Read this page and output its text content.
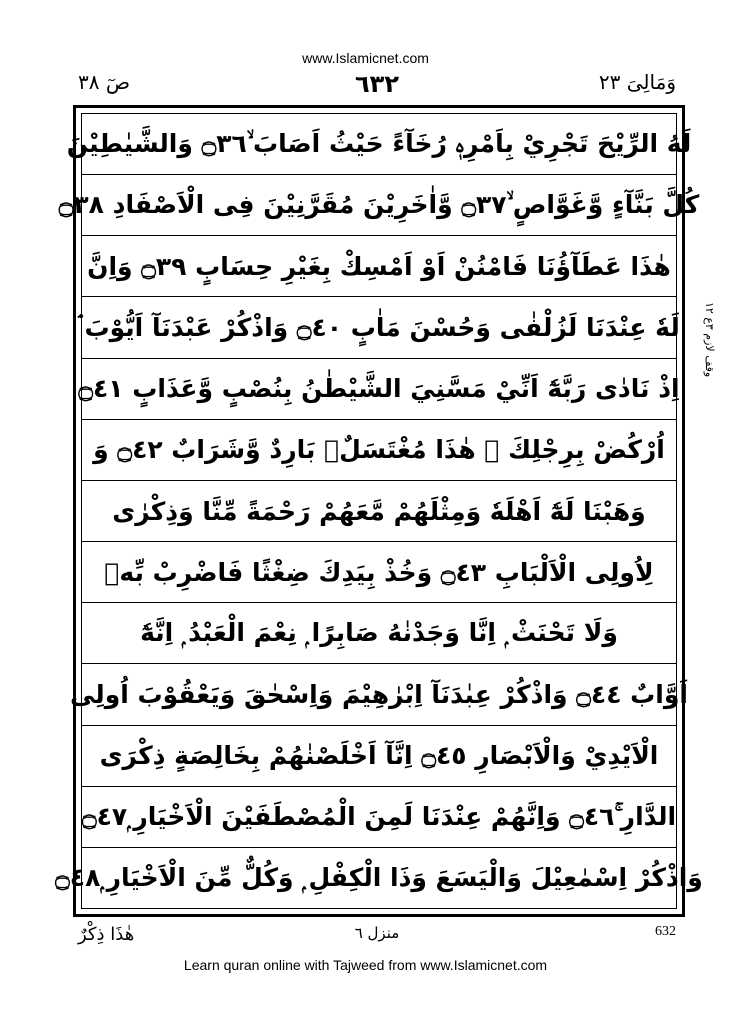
www.Islamicnet.com
صٓ ٣٨	٦٣٢	وَمَالِیَ ٢٣
لَهُ الرِّيْحَ تَجْرِيْ بِاَمْرِهٖ رُخَآءً حَيْثُ اَصَابَ ۙ۝٣٦ وَالشَّيٰطِيْنَ
كُلَّ بَنَّآءٍ وَّغَوَّاصٍ ۙ۝٣٧ وَّاٰخَرِيْنَ مُقَرَّنِيْنَ فِى الْاَصْفَادِ ۝٣٨
هٰذَا عَطَآؤُنَا فَامْنُنْ اَوْ اَمْسِكْ بِغَيْرِ حِسَابٍ ۝٣٩ وَاِنَّ
لَهٗ عِنْدَنَا لَزُلْفٰى وَحُسْنَ مَاٰبٍ ۝٤٠ وَاذْكُرْ عَبْدَنَآ اَيُّوْبَ ۘ
اِذْ نَادٰى رَبَّهٗٓ اَنِّيْ مَسَّنِيَ الشَّيْطٰنُ بِنُصْبٍ وَّعَذَابٍ ۝٤١
اُرْكُضْ بِرِجْلِكَ ۚ هٰذَا مُغْتَسَلٌۢ بَارِدٌ وَّشَرَابٌ ۝٤٢ وَ
وَهَبْنَا لَهٗٓ اَهْلَهٗ وَمِثْلَهُمْ مَّعَهُمْ رَحْمَةً مِّنَّا وَذِكْرٰى
لِاُولِى الْاَلْبَابِ ۝٤٣ وَخُذْ بِيَدِكَ ضِغْثًا فَاضْرِبْ بِّهٖ
وَلَا تَحْنَثْ ۭ اِنَّا وَجَدْنٰهُ صَابِرًا ۭ نِعْمَ الْعَبْدُ ۭ اِنَّهٗٓ
اَوَّابٌ ۝٤٤ وَاذْكُرْ عِبٰدَنَآ اِبْرٰهِيْمَ وَاِسْحٰقَ وَيَعْقُوْبَ اُولِى
الْاَيْدِيْ وَالْاَبْصَارِ ۝٤٥ اِنَّآ اَخْلَصْنٰهُمْ بِخَالِصَةٍ ذِكْرَى
الدَّارِ ۚ۝٤٦ وَاِنَّهُمْ عِنْدَنَا لَمِنَ الْمُصْطَفَيْنَ الْاَخْيَارِ ۭ۝٤٧
وَاذْكُرْ اِسْمٰعِيْلَ وَالْيَسَعَ وَذَا الْكِفْلِ ۭ وَكُلٌّ مِّنَ الْاَخْيَارِ ۭ۝٤٨
وقف لازم ٣ع ١٢
هٰذَا ذِكْرٌ	منزل ٦	632
Learn quran online with Tajweed from www.Islamicnet.com
